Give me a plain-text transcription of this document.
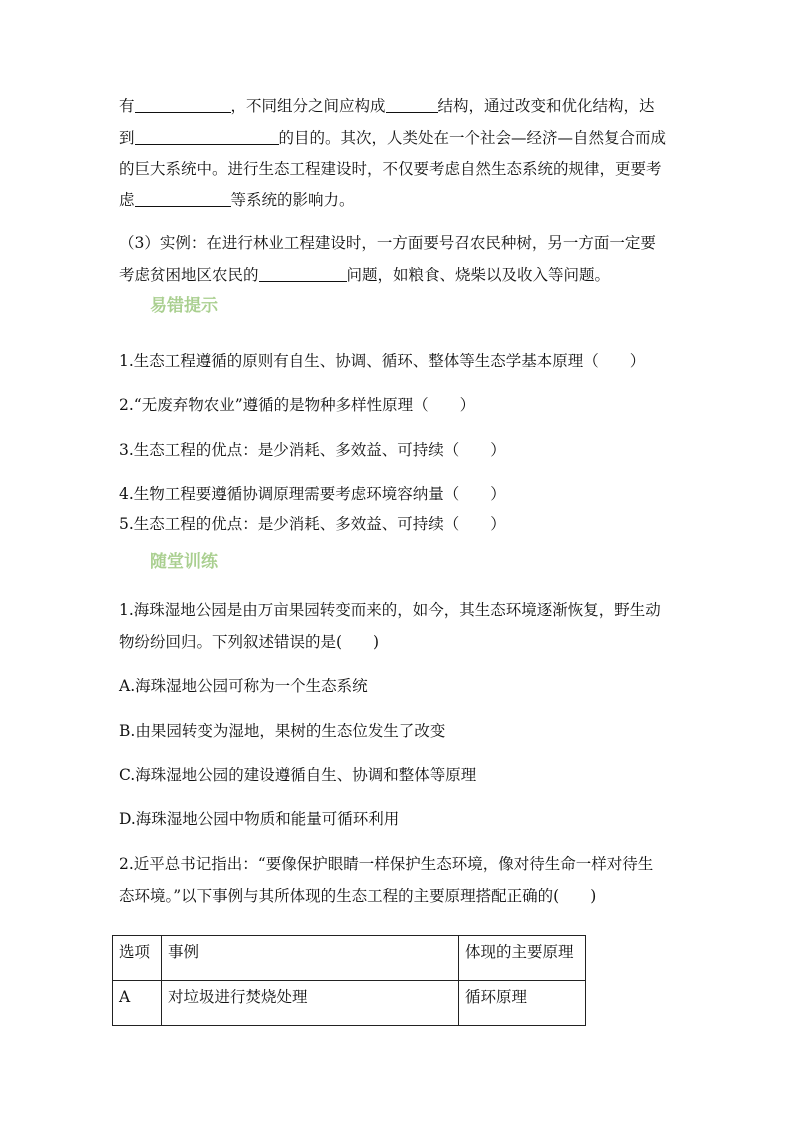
有	，不同组分之间应构成	结构，通过改变和优化结构，达
到	的目的。其次，人类处在一个社会—经济—自然复合而成
的巨大系统中。进行生态工程建设时，不仅要考虑自然生态系统的规律，更要考
虑	等系统的影响力。
（3）实例：在进行林业工程建设时，一方面要号召农民种树，另一方面一定要
考虑贫困地区农民的	问题，如粮食、烧柴以及收入等问题。
易错提示
1.生态工程遵循的原则有自生、协调、循环、整体等生态学基本原理（　　）
2.“无废弃物农业”遵循的是物种多样性原理（　　）
3.生态工程的优点：是少消耗、多效益、可持续（　　）
4.生物工程要遵循协调原理需要考虑环境容纳量（　　）
5.生态工程的优点：是少消耗、多效益、可持续（　　）
随堂训练
1.海珠湿地公园是由万亩果园转变而来的，如今，其生态环境逐渐恢复，野生动
物纷纷回归。下列叙述错误的是(　　)
A.海珠湿地公园可称为一个生态系统
B.由果园转变为湿地，果树的生态位发生了改变
C.海珠湿地公园的建设遵循自生、协调和整体等原理
D.海珠湿地公园中物质和能量可循环利用
2.近平总书记指出：“要像保护眼睛一样保护生态环境，像对待生命一样对待生
态环境。”以下事例与其所体现的生态工程的主要原理搭配正确的(　　)
选项	事例	体现的主要原理
A	对垃圾进行焚烧处理	循环原理
